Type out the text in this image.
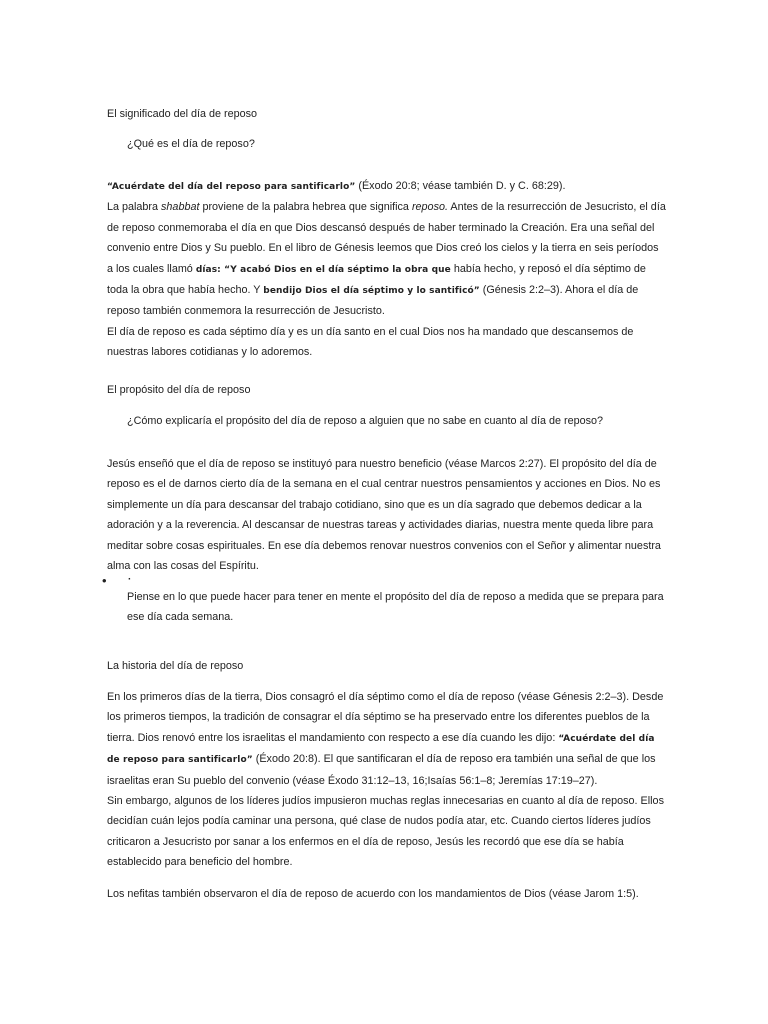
El significado del día de reposo
¿Qué es el día de reposo?
“Acuérdate del día del reposo para santificarlo” (Éxodo 20:8; véase también D. y C. 68:29).
La palabra shabbat proviene de la palabra hebrea que significa reposo. Antes de la resurrección de Jesucristo, el día de reposo conmemoraba el día en que Dios descansó después de haber terminado la Creación. Era una señal del convenio entre Dios y Su pueblo. En el libro de Génesis leemos que Dios creó los cielos y la tierra en seis períodos a los cuales llamó días: “Y acabó Dios en el día séptimo la obra que había hecho, y reposó el día séptimo de toda la obra que había hecho. Y bendijo Dios el día séptimo y lo santificó” (Génesis 2:2–3). Ahora el día de reposo también conmemora la resurrección de Jesucristo.
El día de reposo es cada séptimo día y es un día santo en el cual Dios nos ha mandado que descansemos de nuestras labores cotidianas y lo adoremos.
El propósito del día de reposo
¿Cómo explicaría el propósito del día de reposo a alguien que no sabe en cuanto al día de reposo?
Jesús enseñó que el día de reposo se instituyó para nuestro beneficio (véase Marcos 2:27). El propósito del día de reposo es el de darnos cierto día de la semana en el cual centrar nuestros pensamientos y acciones en Dios. No es simplemente un día para descansar del trabajo cotidiano, sino que es un día sagrado que debemos dedicar a la adoración y a la reverencia. Al descansar de nuestras tareas y actividades diarias, nuestra mente queda libre para meditar sobre cosas espirituales. En ese día debemos renovar nuestros convenios con el Señor y alimentar nuestra alma con las cosas del Espíritu.
• ·
Piense en lo que puede hacer para tener en mente el propósito del día de reposo a medida que se prepara para ese día cada semana.
La historia del día de reposo
En los primeros días de la tierra, Dios consagró el día séptimo como el día de reposo (véase Génesis 2:2–3). Desde los primeros tiempos, la tradición de consagrar el día séptimo se ha preservado entre los diferentes pueblos de la tierra. Dios renovó entre los israelitas el mandamiento con respecto a ese día cuando les dijo: “Acuérdate del día de reposo para santificarlo” (Éxodo 20:8). El que santificaran el día de reposo era también una señal de que los israelitas eran Su pueblo del convenio (véase Éxodo 31:12–13, 16;Isaías 56:1–8; Jeremías 17:19–27).
Sin embargo, algunos de los líderes judíos impusieron muchas reglas innecesarias en cuanto al día de reposo. Ellos decidían cuán lejos podía caminar una persona, qué clase de nudos podía atar, etc. Cuando ciertos líderes judíos criticaron a Jesucristo por sanar a los enfermos en el día de reposo, Jesús les recordó que ese día se había establecido para beneficio del hombre.
Los nefitas también observaron el día de reposo de acuerdo con los mandamientos de Dios (véase Jarom 1:5).
